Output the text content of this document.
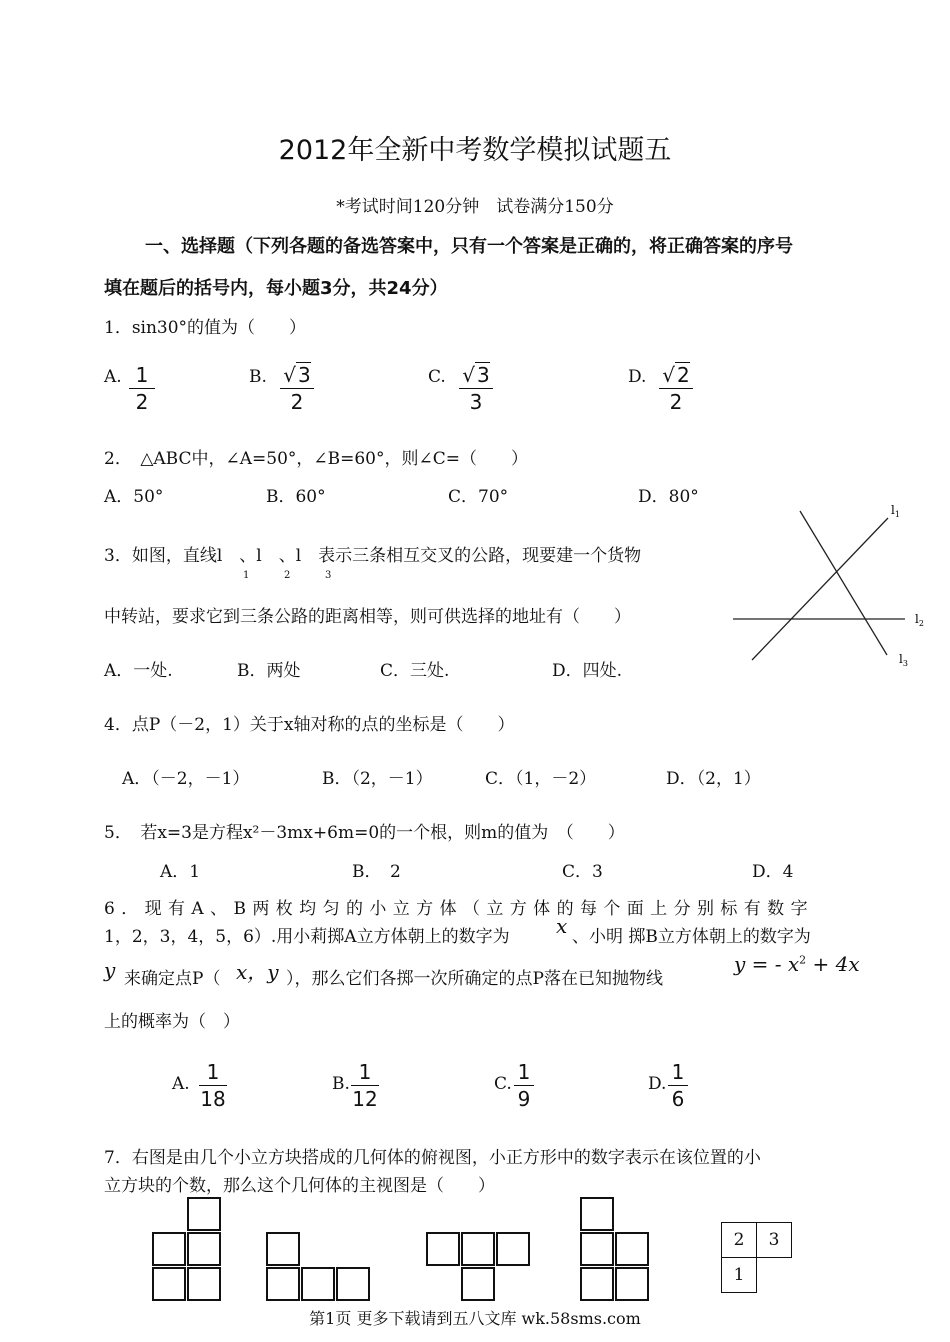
2012年全新中考数学模拟试题五
*考试时间120分钟　试卷满分150分
一、选择题（下列各题的备选答案中，只有一个答案是正确的，将正确答案的序号
填在题后的括号内，每小题3分，共24分）
1．sin30°的值为（　　）
A. 1
2
B. √ 3
2
C. √ 3
3
D. √ 2
2
2．　△ABC中，∠A=50°，∠B=60°，则∠C=（　　）
A．50°	B．60°	C．70°	D．80°
3．如图，直线l　、l　、l　表示三条相互交叉的公路，现要建一个货物
1	2	3
中转站，要求它到三条公路的距离相等，则可供选择的地址有（　　）
A．一处.	B．两处	C．三处.	D．四处.
$l_1$
$l_2$
$l_3$
4．点P（－2，1）关于x轴对称的点的坐标是（　　）
A．（－2，－1）	B．（2，－1）	C．（1，－2）	D．（2，1）
5．　若x=3是方程x²－3mx+6m=0的一个根，则m的值为　（　　）
A．1	B．　2	C．3	D．4
6．现有A、B两枚均匀的小立方体（立方体的每个面上分别标有数字
1，2，3，4，5，6）.用小莉掷A立方体朝上的数字为 x 、小明 掷B立方体朝上的数字为
y 来确定点P（ x，y ），那么它们各掷一次所确定的点P落在已知抛物线
y = - $x^2 + 4x$
上的概率为（　）
A. 1
18
B. 1
12
C. 1
9
D. 1
6
7．右图是由几个小立方块搭成的几何体的俯视图，小正方形中的数字表示在该位置的小
立方块的个数，那么这个几何体的主视图是（　　）
2	3
1
第1页 更多下载请到五八文库 wk.58sms.com
